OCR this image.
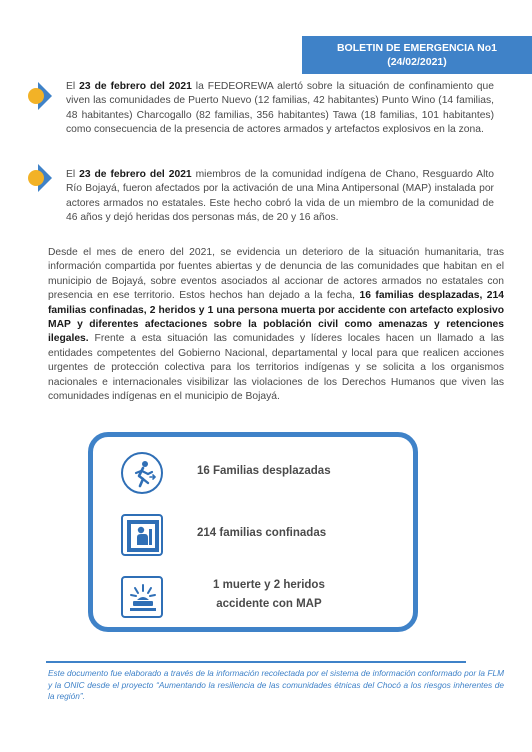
BOLETIN DE EMERGENCIA No1
(24/02/2021)
El 23 de febrero del 2021 la FEDEOREWA alertó sobre la situación de confinamiento que viven las comunidades de Puerto Nuevo (12 familias, 42 habitantes) Punto Wino (14 familias, 48 habitantes) Charcogallo (82 familias, 356 habitantes) Tawa (18 familias, 101 habitantes) como consecuencia de la presencia de actores armados y artefactos explosivos en la zona.
El 23 de febrero del 2021 miembros de la comunidad indígena de Chano, Resguardo Alto Río Bojayá, fueron afectados por la activación de una Mina Antipersonal (MAP) instalada por actores armados no estatales. Este hecho cobró la vida de un miembro de la comunidad de 46 años y dejó heridas dos personas más, de 20 y 16 años.
Desde el mes de enero del 2021, se evidencia un deterioro de la situación humanitaria, tras información compartida por fuentes abiertas y de denuncia de las comunidades que habitan en el municipio de Bojayá, sobre eventos asociados al accionar de actores armados no estatales con presencia en ese territorio. Estos hechos han dejado a la fecha, 16 familias desplazadas, 214 familias confinadas, 2 heridos y 1 una persona muerta por accidente con artefacto explosivo MAP y diferentes afectaciones sobre la población civil como amenazas y retenciones ilegales. Frente a esta situación las comunidades y líderes locales hacen un llamado a las entidades competentes del Gobierno Nacional, departamental y local para que realicen acciones urgentes de protección colectiva para los territorios indígenas y se solicita a los organismos nacionales e internacionales visibilizar las violaciones de los Derechos Humanos que viven las comunidades indígenas en el municipio de Bojayá.
16 Familias desplazadas
214 familias confinadas
1 muerte y 2 heridos
accidente con MAP
Este documento fue elaborado a través de la información recolectada por el sistema de información conformado por la FLM y la ONIC desde el proyecto “Aumentando la resiliencia de las comunidades étnicas del Chocó a los riesgos inherentes de la región”.
